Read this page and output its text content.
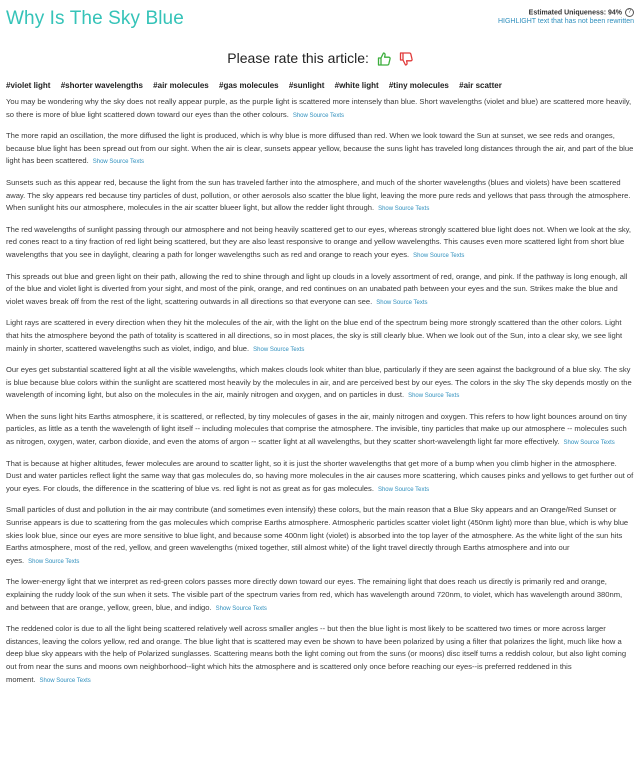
Why Is The Sky Blue	Estimated Uniqueness: 94% ?
HIGHLIGHT text that has not been rewritten
Please rate this article:
#violet light #shorter wavelengths #air molecules #gas molecules #sunlight #white light #tiny molecules #air scatter

You may be wondering why the sky does not really appear purple, as the purple light is scattered more intensely than blue. Short wavelengths (violet and blue) are scattered more heavily, so there is more of blue light scattered down toward our eyes than the other colours. Show Source Texts

The more rapid an oscillation, the more diffused the light is produced, which is why blue is more diffused than red. When we look toward the Sun at sunset, we see reds and oranges, because blue light has been spread out from our sight. When the air is clear, sunsets appear yellow, because the suns light has traveled long distances through the air, and part of the blue light has been scattered. Show Source Texts

Sunsets such as this appear red, because the light from the sun has traveled farther into the atmosphere, and much of the shorter wavelengths (blues and violets) have been scattered away. The sky appears red because tiny particles of dust, pollution, or other aerosols also scatter the blue light, leaving the more pure reds and yellows that pass through the atmosphere. When sunlight hits our atmosphere, molecules in the air scatter blueer light, but allow the redder light through. Show Source Texts

The red wavelengths of sunlight passing through our atmosphere and not being heavily scattered get to our eyes, whereas strongly scattered blue light does not. When we look at the sky, red cones react to a tiny fraction of red light being scattered, but they are also least responsive to orange and yellow wavelengths. This causes even more scattered light from short blue wavelengths that you see in daylight, clearing a path for longer wavelengths such as red and orange to reach your eyes. Show Source Texts

This spreads out blue and green light on their path, allowing the red to shine through and light up clouds in a lovely assortment of red, orange, and pink. If the pathway is long enough, all of the blue and violet light is diverted from your sight, and most of the pink, orange, and red continues on an unabated path between your eyes and the sun. Strikes make the blue and violet waves break off from the rest of the light, scattering outwards in all directions so that everyone can see. Show Source Texts

Light rays are scattered in every direction when they hit the molecules of the air, with the light on the blue end of the spectrum being more strongly scattered than the other colors. Light that hits the atmosphere beyond the path of totality is scattered in all directions, so in most places, the sky is still clearly blue. When we look out of the Sun, into a clear sky, we see light mainly in shorter, scattered wavelengths such as violet, indigo, and blue. Show Source Texts

Our eyes get substantial scattered light at all the visible wavelengths, which makes clouds look whiter than blue, particularly if they are seen against the background of a blue sky. The sky is blue because blue colors within the sunlight are scattered most heavily by the molecules in air, and are perceived best by our eyes. The colors in the sky The sky depends mostly on the wavelength of incoming light, but also on the molecules in the air, mainly nitrogen and oxygen, and on particles in dust. Show Source Texts

When the suns light hits Earths atmosphere, it is scattered, or reflected, by tiny molecules of gases in the air, mainly nitrogen and oxygen. This refers to how light bounces around on tiny particles, as little as a tenth the wavelength of light itself -- including molecules that comprise the atmosphere. The invisible, tiny particles that make up our atmosphere -- molecules such as nitrogen, oxygen, water, carbon dioxide, and even the atoms of argon -- scatter light at all wavelengths, but they scatter short-wavelength light far more effectively. Show Source Texts

That is because at higher altitudes, fewer molecules are around to scatter light, so it is just the shorter wavelengths that get more of a bump when you climb higher in the atmosphere. Dust and water particles reflect light the same way that gas molecules do, so having more molecules in the air causes more scattering, which causes pinks and yellows to get further out of your eyes. For clouds, the difference in the scattering of blue vs. red light is not as great as for gas molecules. Show Source Texts

Small particles of dust and pollution in the air may contribute (and sometimes even intensify) these colors, but the main reason that a Blue Sky appears and an Orange/Red Sunset or Sunrise appears is due to scattering from the gas molecules which comprise Earths atmosphere. Atmospheric particles scatter violet light (450nm light) more than blue, which is why blue skies look blue, since our eyes are more sensitive to blue light, and because some 400nm light (violet) is absorbed into the top layer of the atmosphere. As the white light of the sun hits Earths atmosphere, most of the red, yellow, and green wavelengths (mixed together, still almost white) of the light travel directly through Earths atmosphere and into our eyes. Show Source Texts

The lower-energy light that we interpret as red-green colors passes more directly down toward our eyes. The remaining light that does reach us directly is primarily red and orange, explaining the ruddy look of the sun when it sets. The visible part of the spectrum varies from red, which has wavelength around 720nm, to violet, which has wavelength around 380nm, and between that are orange, yellow, green, blue, and indigo. Show Source Texts

The reddened color is due to all the light being scattered relatively well across smaller angles -- but then the blue light is most likely to be scattered two times or more across larger distances, leaving the colors yellow, red and orange. The blue light that is scattered may even be shown to have been polarized by using a filter that polarizes the light, much like how a deep blue sky appears with the help of Polarized sunglasses. Scattering means both the light coming out from the suns (or moons) disc itself turns a reddish colour, but also light coming out from near the suns and moons own neighborhood--light which hits the atmosphere and is scattered only once before reaching our eyes--is preferred reddened in this moment. Show Source Texts
